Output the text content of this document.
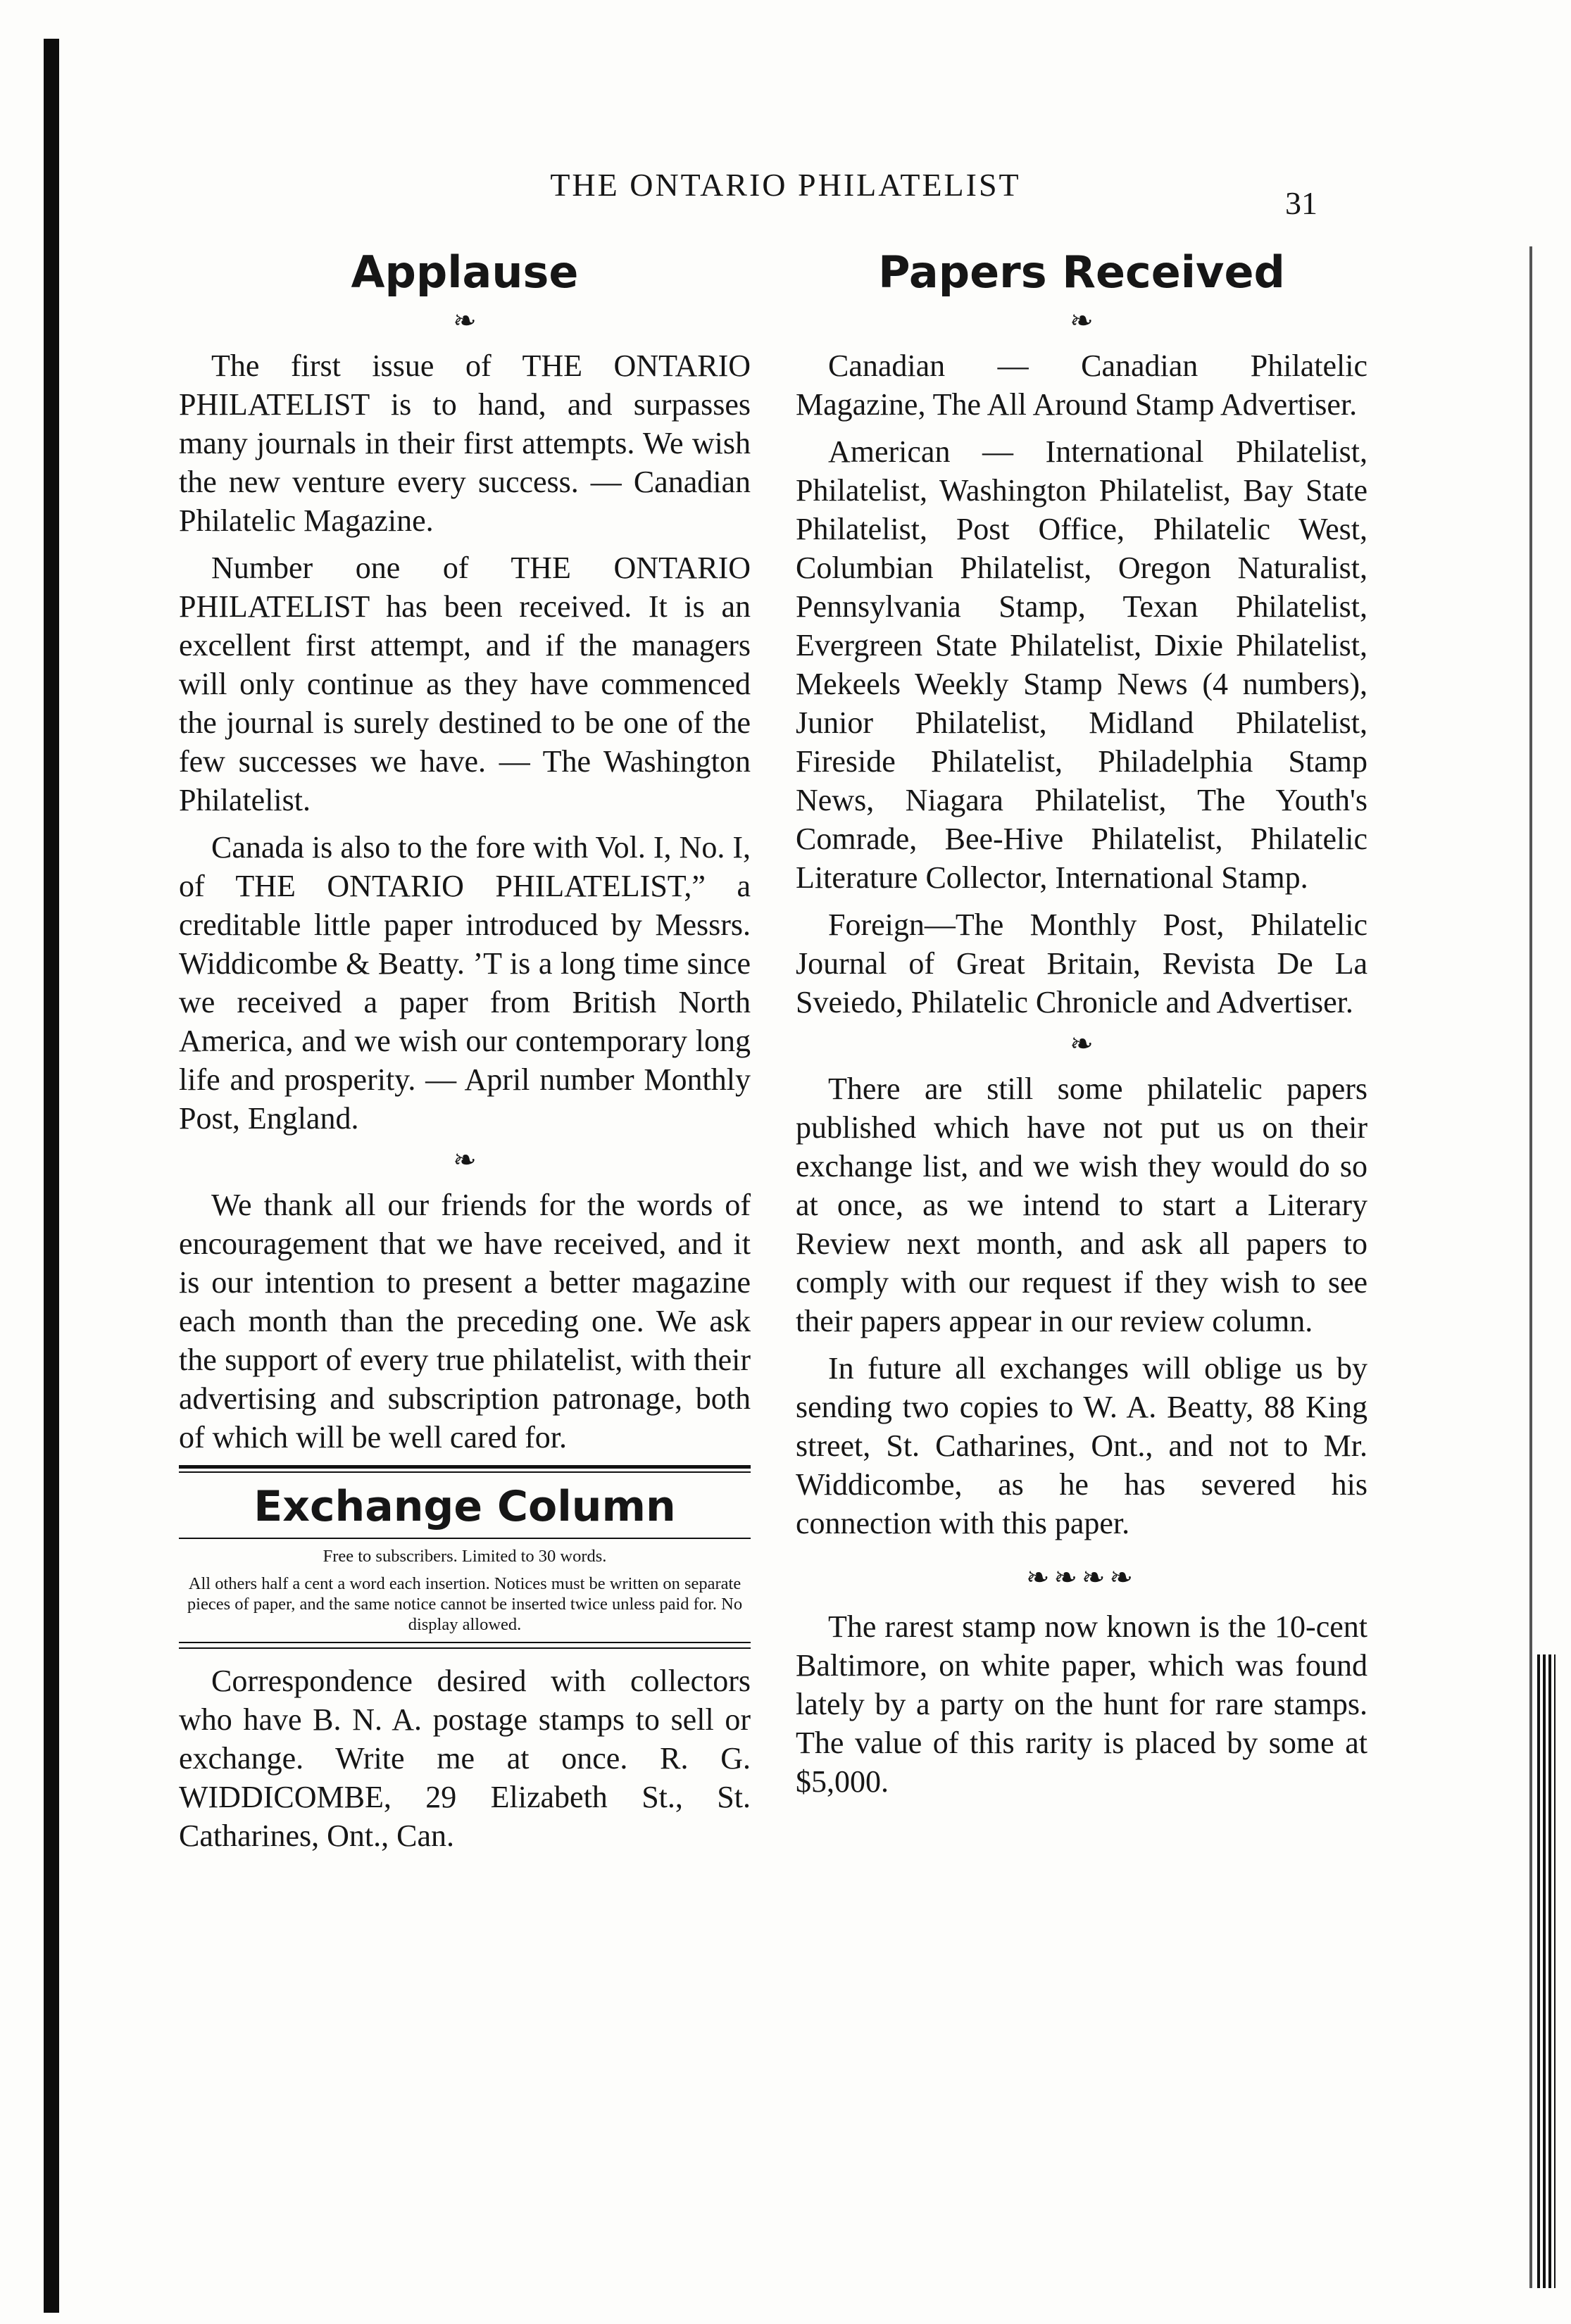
THE ONTARIO PHILATELIST
31
Applause
❧

The first issue of THE ONTARIO PHILATELIST is to hand, and surpasses many journals in their first attempts. We wish the new venture every success. — Canadian Philatelic Magazine.

Number one of THE ONTARIO PHILATELIST has been received. It is an excellent first attempt, and if the managers will only continue as they have commenced the journal is surely destined to be one of the few successes we have. — The Washington Philatelist.

Canada is also to the fore with Vol. I, No. I, of THE ONTARIO PHILATELIST,” a creditable little paper introduced by Messrs. Widdicombe & Beatty. ’T is a long time since we received a paper from British North America, and we wish our contemporary long life and prosperity. — April number Monthly Post, England.

❧

We thank all our friends for the words of encouragement that we have received, and it is our intention to present a better magazine each month than the preceding one. We ask the support of every true philatelist, with their advertising and subscription patronage, both of which will be well cared for.

Exchange Column
Free to subscribers. Limited to 30 words.
All others half a cent a word each insertion. Notices must be written on separate pieces of paper, and the same notice cannot be inserted twice unless paid for. No display allowed.

Correspondence desired with collectors who have B. N. A. postage stamps to sell or exchange. Write me at once. R. G. WIDDICOMBE, 29 Elizabeth St., St. Catharines, Ont., Can.

Papers Received
❧

Canadian — Canadian Philatelic Magazine, The All Around Stamp Advertiser.

American — International Philatelist, Philatelist, Washington Philatelist, Bay State Philatelist, Post Office, Philatelic West, Columbian Philatelist, Oregon Naturalist, Pennsylvania Stamp, Texan Philatelist, Evergreen State Philatelist, Dixie Philatelist, Mekeels Weekly Stamp News (4 numbers), Junior Philatelist, Midland Philatelist, Fireside Philatelist, Philadelphia Stamp News, Niagara Philatelist, The Youth's Comrade, Bee-Hive Philatelist, Philatelic Literature Collector, International Stamp.

Foreign—The Monthly Post, Philatelic Journal of Great Britain, Revista De La Sveiedo, Philatelic Chronicle and Advertiser.

❧

There are still some philatelic papers published which have not put us on their exchange list, and we wish they would do so at once, as we intend to start a Literary Review next month, and ask all papers to comply with our request if they wish to see their papers appear in our review column.

In future all exchanges will oblige us by sending two copies to W. A. Beatty, 88 King street, St. Catharines, Ont., and not to Mr. Widdicombe, as he has severed his connection with this paper.

❧❧❧❧

The rarest stamp now known is the 10-cent Baltimore, on white paper, which was found lately by a party on the hunt for rare stamps. The value of this rarity is placed by some at $5,000.
